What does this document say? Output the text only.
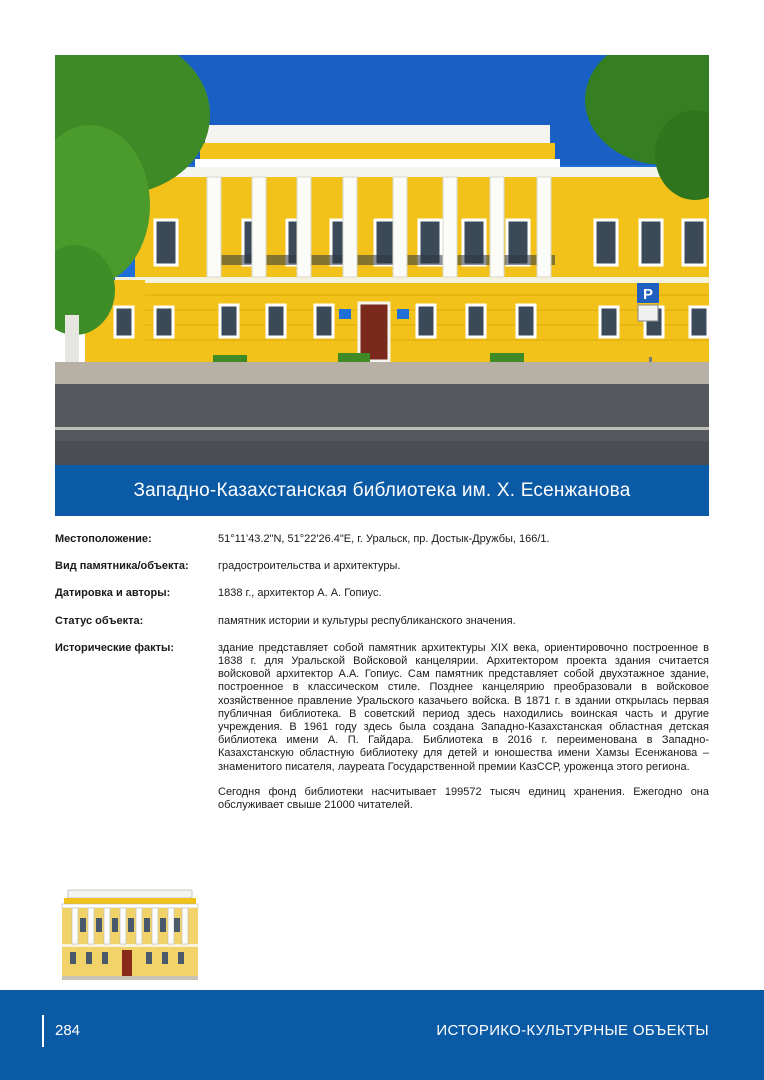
P
Западно-Казахстанская библиотека им. Х. Есенжанова
Местоположение:	51°11'43.2"N, 51°22'26.4"E, г. Уральск, пр. Достык-Дружбы, 166/1.
Вид памятника/объекта:	градостроительства и архитектуры.
Датировка и авторы:	1838 г., архитектор А. А. Гопиус.
Статус объекта:	памятник истории и культуры республиканского значения.
Исторические факты:	здание представляет собой памятник архитектуры XIX века, ориентировочно построенное в 1838 г. для Уральской Войсковой канцелярии. Архитектором проекта здания считается войсковой архитектор А.А. Гопиус. Сам памятник представляет собой двухэтажное здание, построенное в классическом стиле. Позднее канцелярию преобразовали в войсковое хозяйственное правление Уральского казачьего войска. В 1871 г. в здании открылась первая публичная библиотека. В советский период здесь находились воинская часть и другие учреждения. В 1961 году здесь была создана Западно-Казахстанская областная детская библиотека имени А. П. Гайдара. Библиотека в 2016 г. переименована в Западно-Казахстанскую областную библиотеку для детей и юношества имени Хамзы Есенжанова – знаменитого писателя, лауреата Государственной премии КазССР, уроженца этого региона.

Сегодня фонд библиотеки насчитывает 199572 тысяч единиц хранения. Ежегодно она обслуживает свыше 21000 читателей.

284	ИСТОРИКО-КУЛЬТУРНЫЕ ОБЪЕКТЫ
